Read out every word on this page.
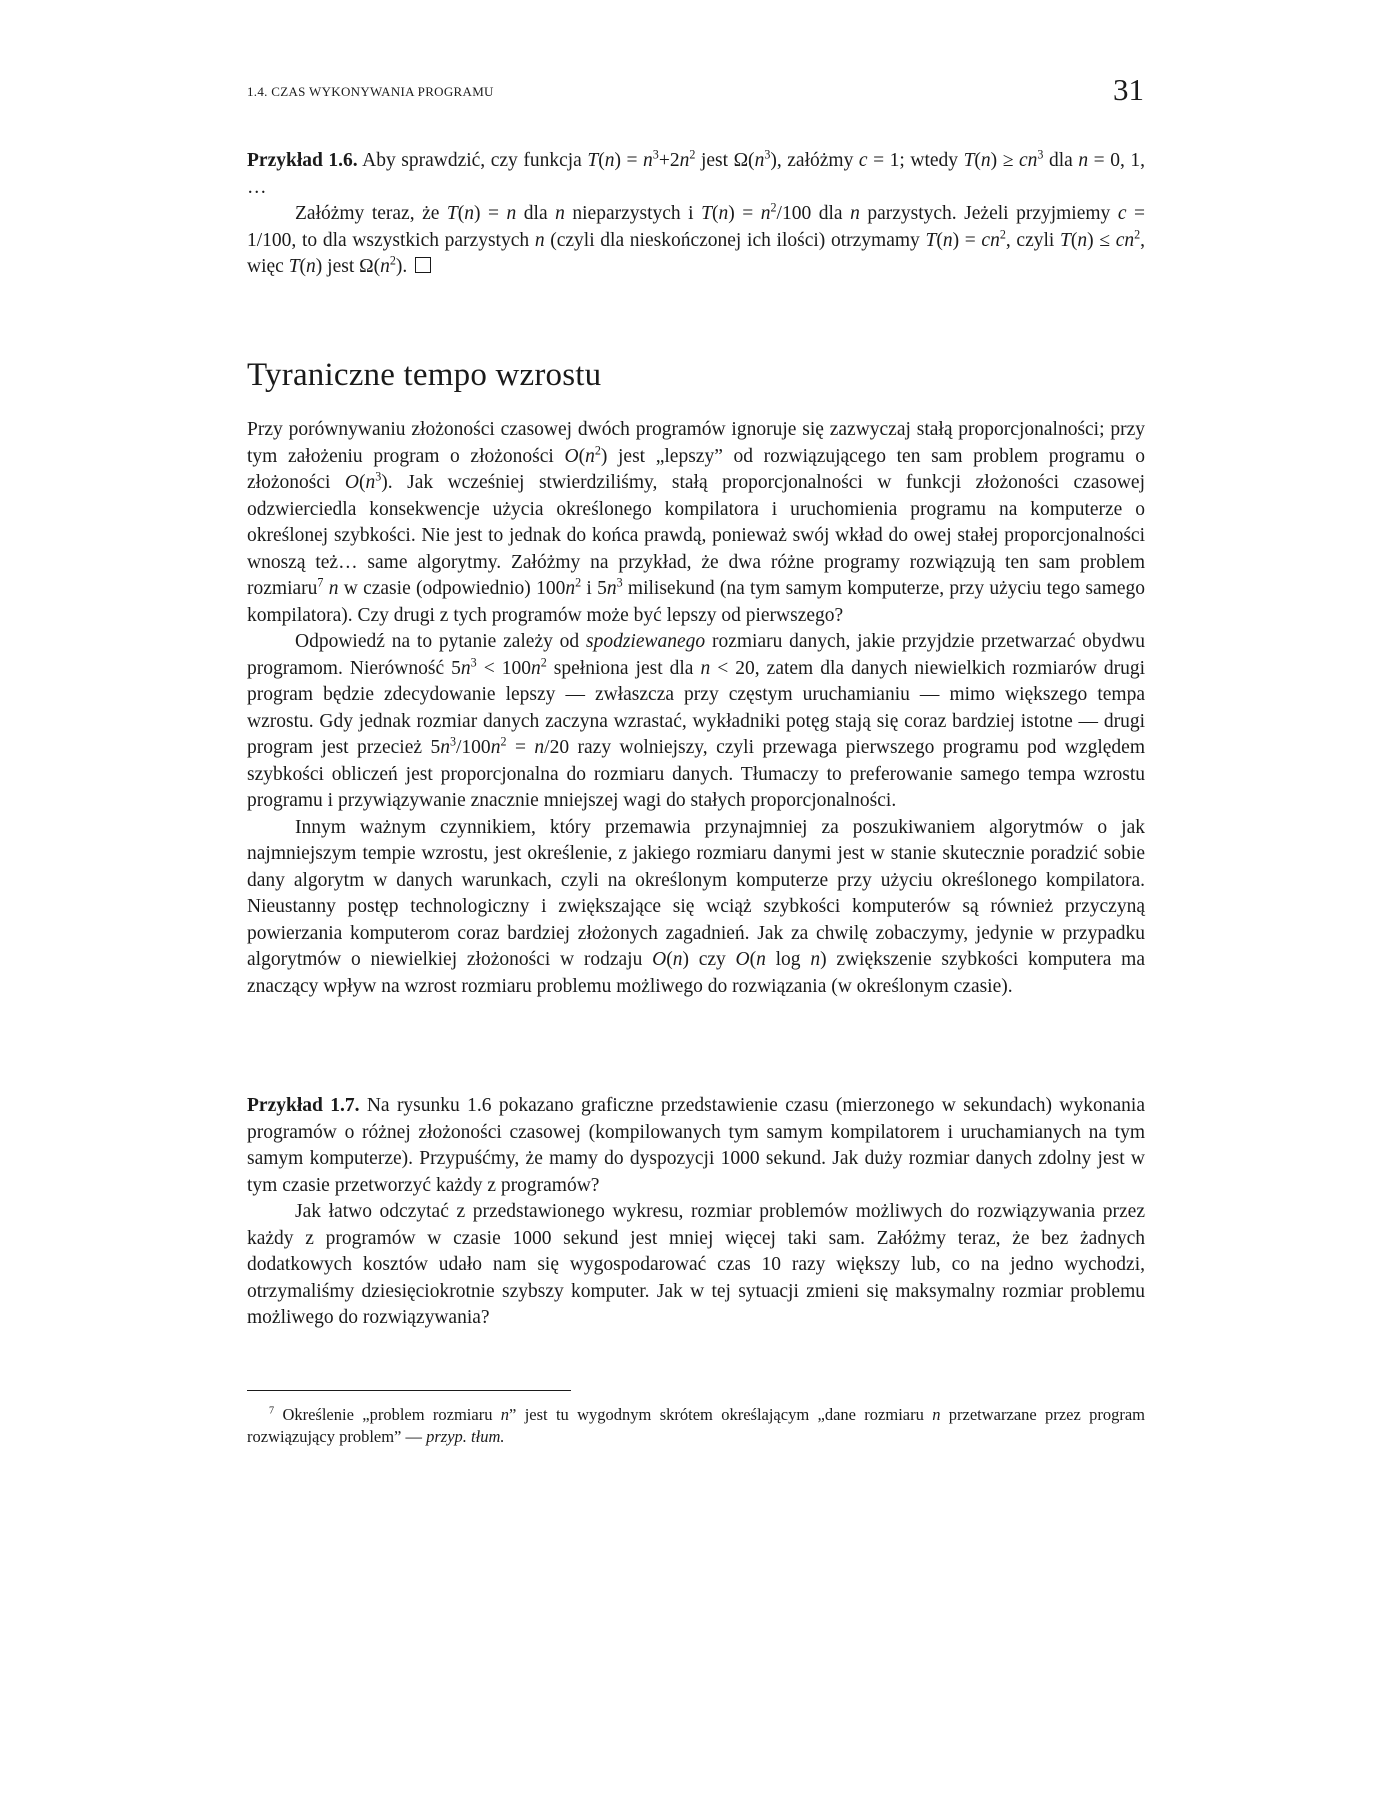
1.4. CZAS WYKONYWANIA PROGRAMU	31

Przykład 1.6. Aby sprawdzić, czy funkcja $T(n) = n^3+2n^2$ jest $\Omega(n^3)$, załóżmy c = 1; wtedy $T(n) \ge cn^3$ dla n = 0, 1, …

Załóżmy teraz, że T(n) = n dla n nieparzystych i $T(n) = n^2/100$ dla n parzystych. Jeżeli przyjmiemy c = 1/100, to dla wszystkich parzystych n (czyli dla nieskończonej ich ilości) otrzymamy $T(n) = cn^2$, czyli $T(n) \le cn^2$, więc T(n) jest $\Omega(n^2)$.

Tyraniczne tempo wzrostu

Przy porównywaniu złożoności czasowej dwóch programów ignoruje się zazwyczaj stałą proporcjonalności; przy tym założeniu program o złożoności $O(n^2)$ jest „lepszy” od rozwiązującego ten sam problem programu o złożoności $O(n^3)$. Jak wcześniej stwierdziliśmy, stałą proporcjonalności w funkcji złożoności czasowej odzwierciedla konsekwencje użycia określonego kompilatora i uruchomienia programu na komputerze o określonej szybkości. Nie jest to jednak do końca prawdą, ponieważ swój wkład do owej stałej proporcjonalności wnoszą też… same algorytmy. Załóżmy na przykład, że dwa różne programy rozwiązują ten sam problem rozmiaru$^7$ n w czasie (odpowiednio) $100n^2$ i $5n^3$ milisekund (na tym samym komputerze, przy użyciu tego samego kompilatora). Czy drugi z tych programów może być lepszy od pierwszego?

Odpowiedź na to pytanie zależy od spodziewanego rozmiaru danych, jakie przyjdzie przetwarzać obydwu programom. Nierówność $5n^3 < 100n^2$ spełniona jest dla n < 20, zatem dla danych niewielkich rozmiarów drugi program będzie zdecydowanie lepszy — zwłaszcza przy częstym uruchamianiu — mimo większego tempa wzrostu. Gdy jednak rozmiar danych zaczyna wzrastać, wykładniki potęg stają się coraz bardziej istotne — drugi program jest przecież $5n^3/100n^2 = n/20$ razy wolniejszy, czyli przewaga pierwszego programu pod względem szybkości obliczeń jest proporcjonalna do rozmiaru danych. Tłumaczy to preferowanie samego tempa wzrostu programu i przywiązywanie znacznie mniejszej wagi do stałych proporcjonalności.

Innym ważnym czynnikiem, który przemawia przynajmniej za poszukiwaniem algorytmów o jak najmniejszym tempie wzrostu, jest określenie, z jakiego rozmiaru danymi jest w stanie skutecznie poradzić sobie dany algorytm w danych warunkach, czyli na określonym komputerze przy użyciu określonego kompilatora. Nieustanny postęp technologiczny i zwiększające się wciąż szybkości komputerów są również przyczyną powierzania komputerom coraz bardziej złożonych zagadnień. Jak za chwilę zobaczymy, jedynie w przypadku algorytmów o niewielkiej złożoności w rodzaju O(n) czy O(n log n) zwiększenie szybkości komputera ma znaczący wpływ na wzrost rozmiaru problemu możliwego do rozwiązania (w określonym czasie).

Przykład 1.7. Na rysunku 1.6 pokazano graficzne przedstawienie czasu (mierzonego w sekundach) wykonania programów o różnej złożoności czasowej (kompilowanych tym samym kompilatorem i uruchamianych na tym samym komputerze). Przypuśćmy, że mamy do dyspozycji 1000 sekund. Jak duży rozmiar danych zdolny jest w tym czasie przetworzyć każdy z programów?

Jak łatwo odczytać z przedstawionego wykresu, rozmiar problemów możliwych do rozwiązywania przez każdy z programów w czasie 1000 sekund jest mniej więcej taki sam. Załóżmy teraz, że bez żadnych dodatkowych kosztów udało nam się wygospodarować czas 10 razy większy lub, co na jedno wychodzi, otrzymaliśmy dziesięciokrotnie szybszy komputer. Jak w tej sytuacji zmieni się maksymalny rozmiar problemu możliwego do rozwiązywania?

$^7$ Określenie „problem rozmiaru n” jest tu wygodnym skrótem określającym „dane rozmiaru n przetwarzane przez program rozwiązujący problem” — przyp. tłum.
